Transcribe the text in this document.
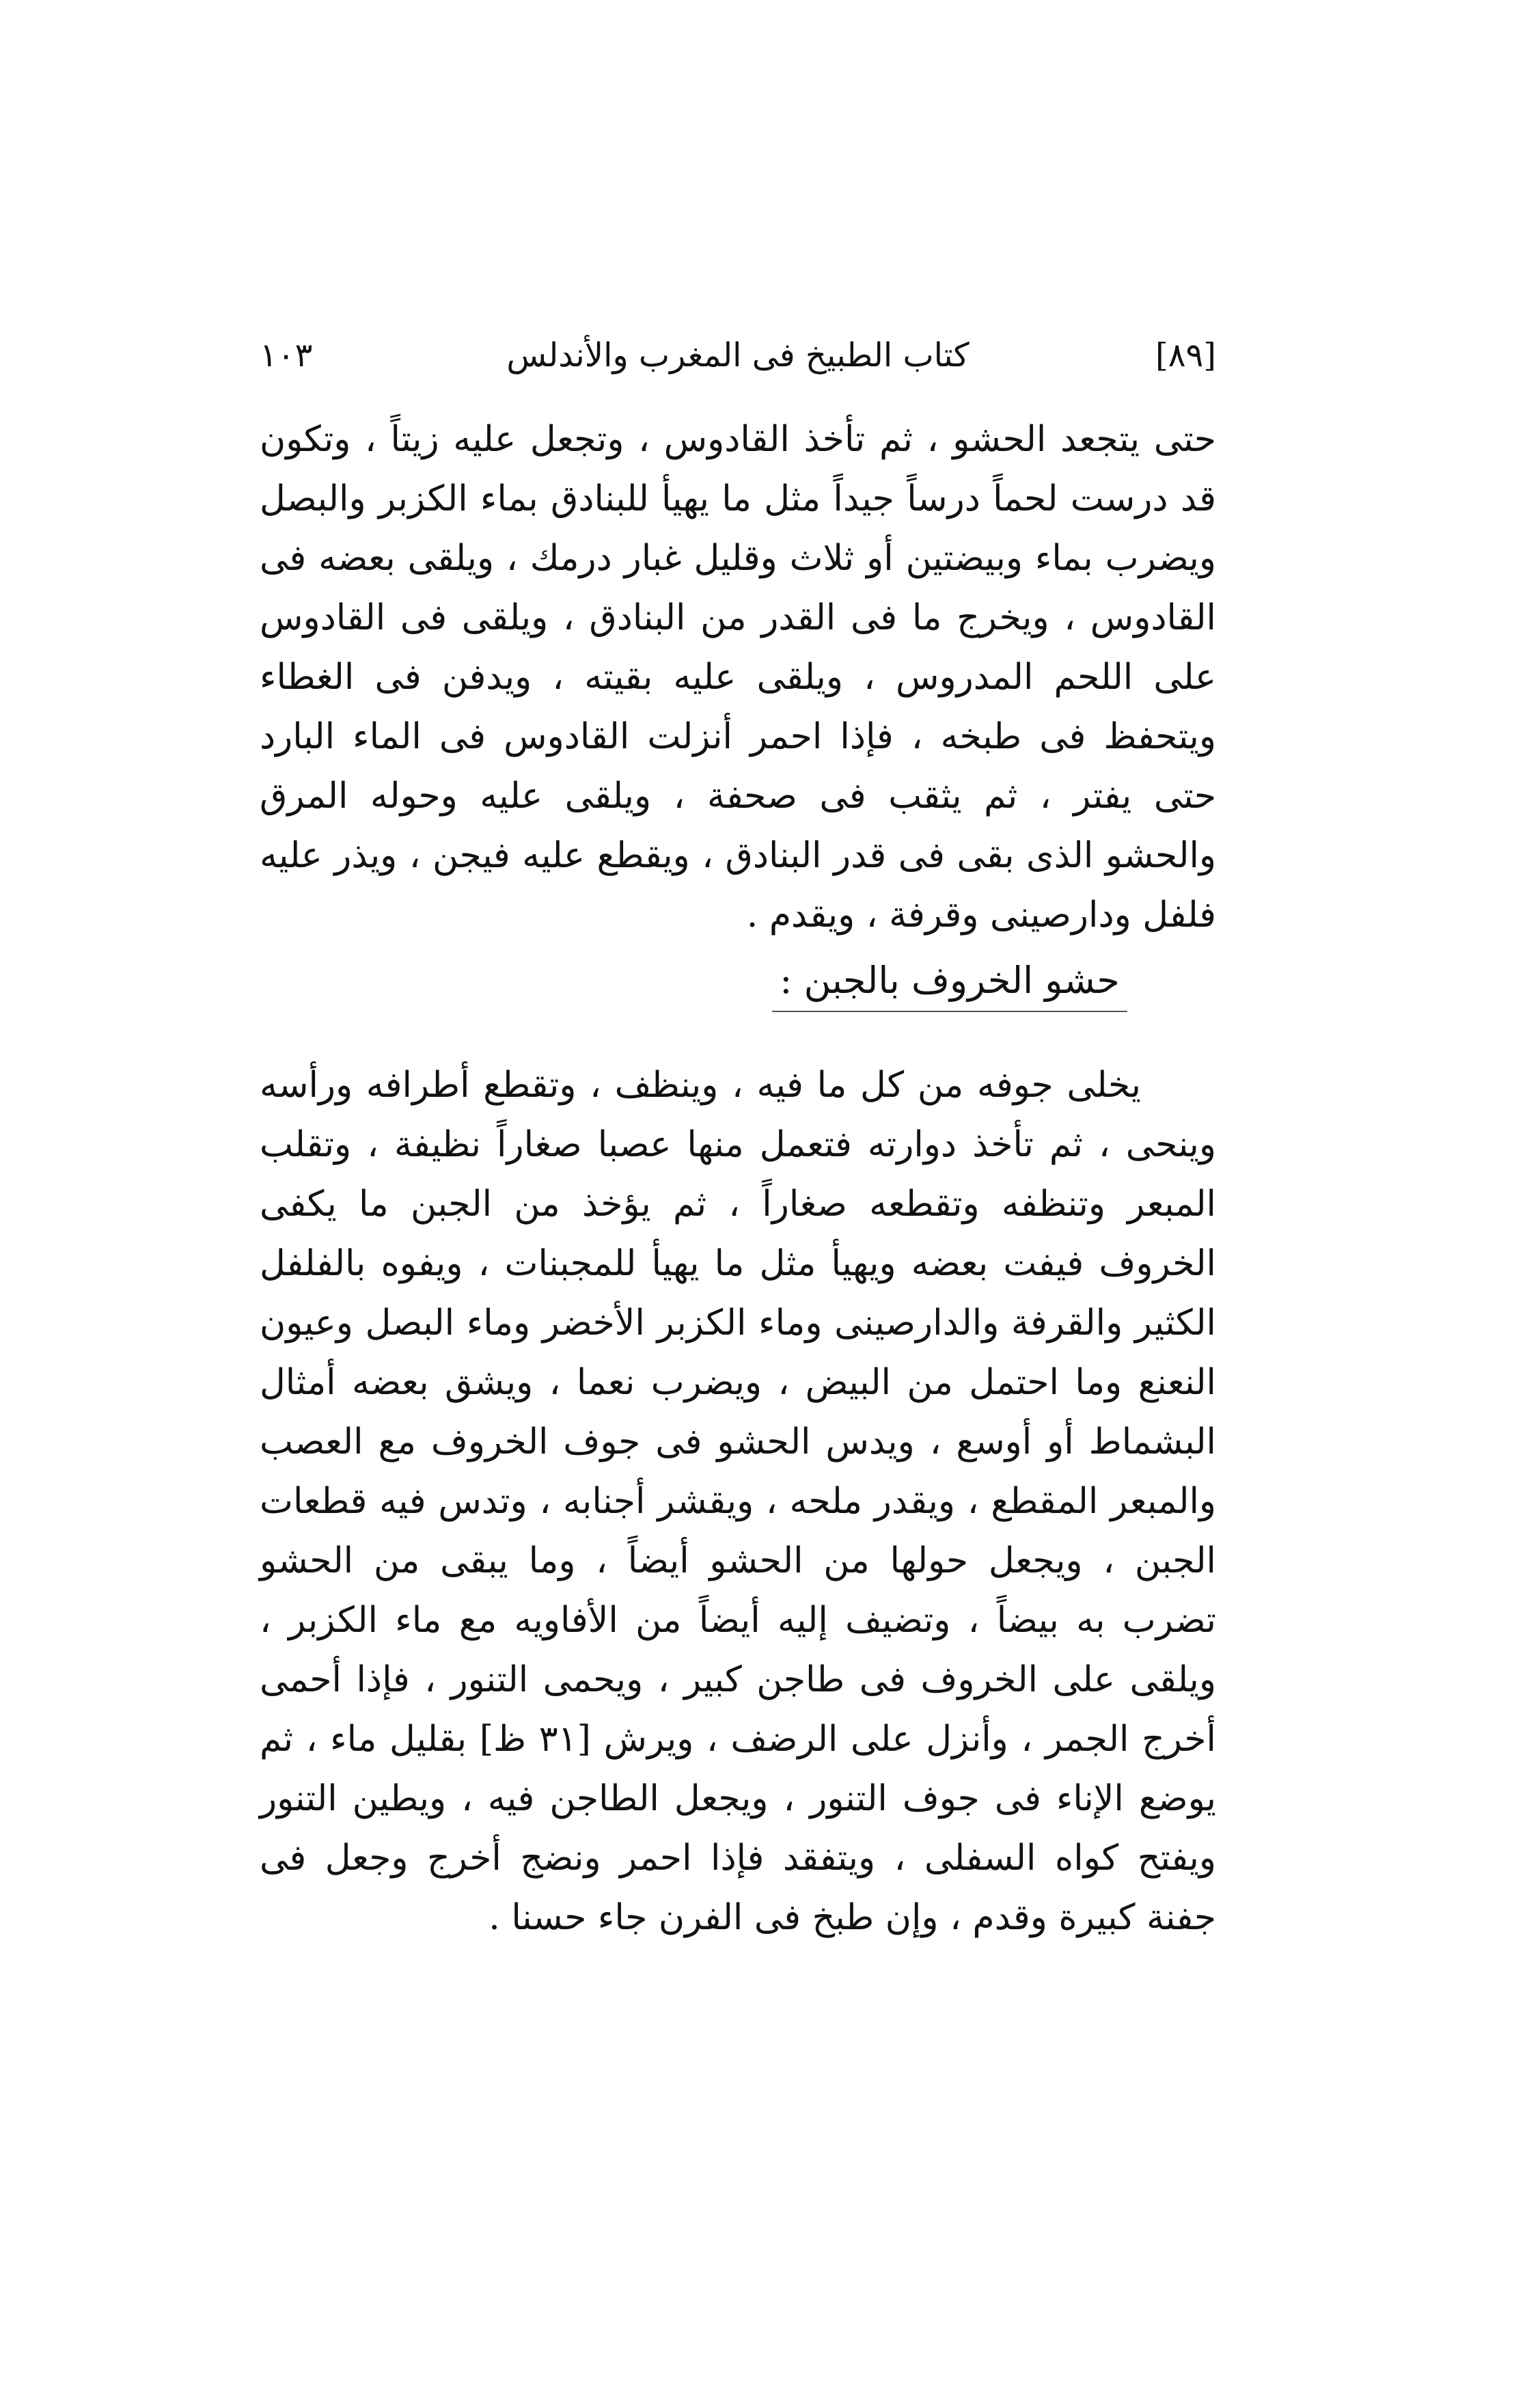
[٨٩]
كتاب الطبيخ فى المغرب والأندلس
١٠٣

حتى يتجعد الحشو ، ثم تأخذ القادوس ، وتجعل عليه زيتاً ، وتكون قد درست لحماً درساً جيداً مثل ما يهيأ للبنادق بماء الكزبر والبصل ويضرب بماء وبيضتين أو ثلاث وقليل غبار درمك ، ويلقى بعضه فى القادوس ، ويخرج ما فى القدر من البنادق ، ويلقى فى القادوس على اللحم المدروس ، ويلقى عليه بقيته ، ويدفن فى الغطاء ويتحفظ فى طبخه ، فإذا احمر أنزلت القادوس فى الماء البارد حتى يفتر ، ثم يثقب فى صحفة ، ويلقى عليه وحوله المرق والحشو الذى بقى فى قدر البنادق ، ويقطع عليه فيجن ، ويذر عليه فلفل ودارصينى وقرفة ، ويقدم .

حشو الخروف بالجبن :

يخلى جوفه من كل ما فيه ، وينظف ، وتقطع أطرافه ورأسه وينحى ، ثم تأخذ دوارته فتعمل منها عصبا صغاراً نظيفة ، وتقلب المبعر وتنظفه وتقطعه صغاراً ، ثم يؤخذ من الجبن ما يكفى الخروف فيفت بعضه ويهيأ مثل ما يهيأ للمجبنات ، ويفوه بالفلفل الكثير والقرفة والدارصينى وماء الكزبر الأخضر وماء البصل وعيون النعنع وما احتمل من البيض ، ويضرب نعما ، ويشق بعضه أمثال البشماط أو أوسع ، ويدس الحشو فى جوف الخروف مع العصب والمبعر المقطع ، ويقدر ملحه ، ويقشر أجنابه ، وتدس فيه قطعات الجبن ، ويجعل حولها من الحشو أيضاً ، وما يبقى من الحشو تضرب به بيضاً ، وتضيف إليه أيضاً من الأفاويه مع ماء الكزبر ، ويلقى على الخروف فى طاجن كبير ، ويحمى التنور ، فإذا أحمى أخرج الجمر ، وأنزل على الرضف ، ويرش [٣١ ظ] بقليل ماء ، ثم يوضع الإناء فى جوف التنور ، ويجعل الطاجن فيه ، ويطين التنور ويفتح كواه السفلى ، ويتفقد فإذا احمر ونضج أخرج وجعل فى جفنة كبيرة وقدم ، وإن طبخ فى الفرن جاء حسنا .
